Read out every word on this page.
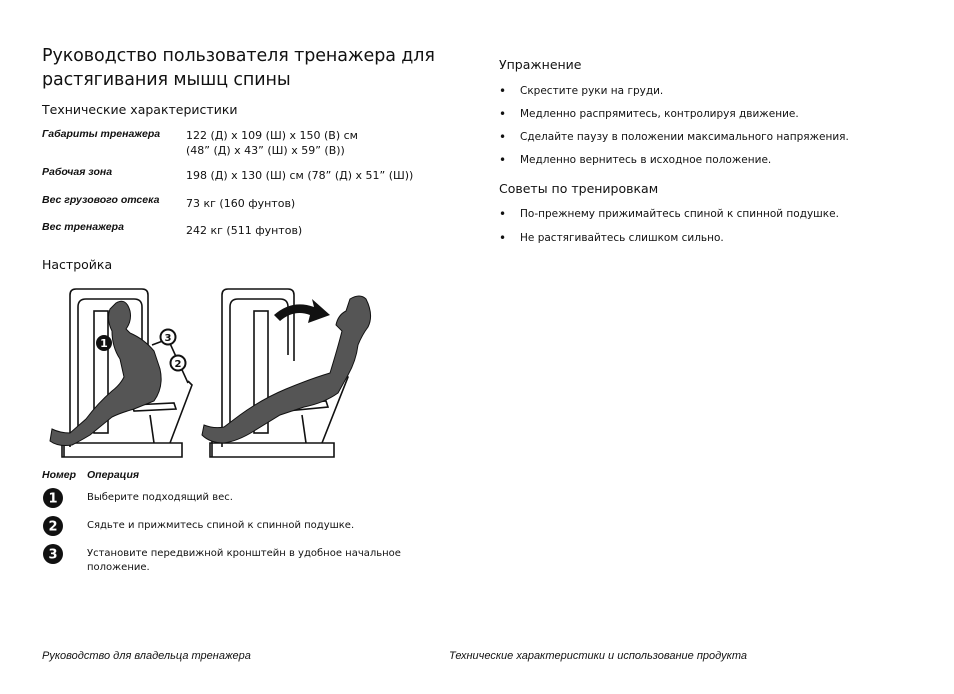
Руководство пользователя тренажера для растягивания мышц спины
Технические характеристики
Габариты тренажера 122 (Д) x 109 (Ш) x 150 (В) см
(48” (Д) x 43” (Ш) x 59” (В))
Рабочая зона	198 (Д) x 130 (Ш) см (78” (Д) x 51” (Ш))
Вес грузового отсека 73 кг (160 фунтов)
Вес тренажера	242 кг (511 фунтов)
Настройка
1	3
2
Номер Операция
1	Выберите подходящий вес.
2	Сядьте и прижмитесь спиной к спинной подушке.
3	Установите передвижной кронштейн в удобное начальное положение.
Упражнение
• Скрестите руки на груди.
• Медленно распрямитесь, контролируя движение.
• Сделайте паузу в положении максимального напряжения.
• Медленно вернитесь в исходное положение.
Советы по тренировкам
• По-прежнему прижимайтесь спиной к спинной подушке.
• Не растягивайтесь слишком сильно.
Руководство для владельца тренажера	Технические характеристики и использование продукта
